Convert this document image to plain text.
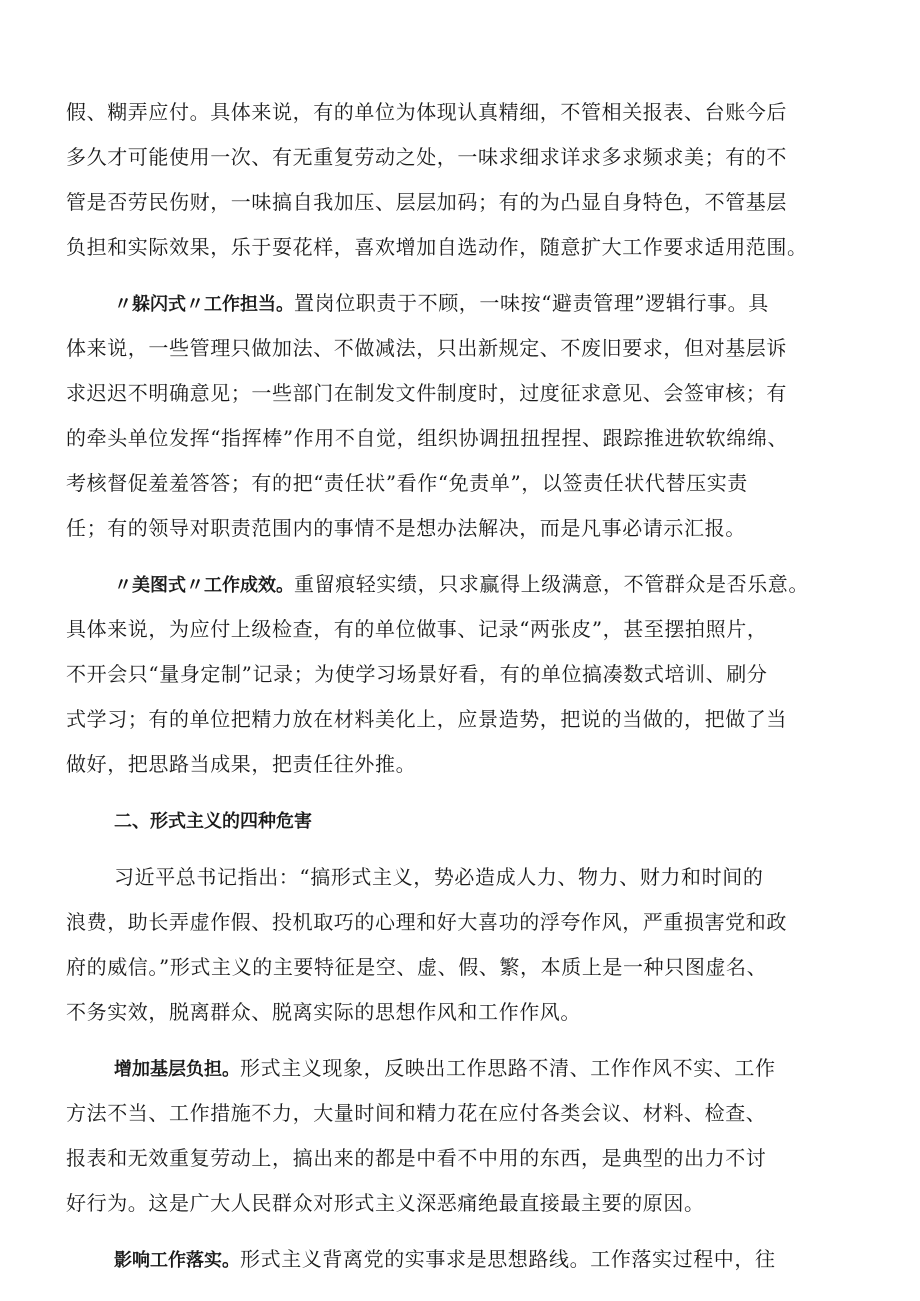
假、糊弄应付。具体来说，有的单位为体现认真精细，不管相关报表、台账今后
多久才可能使用一次、有无重复劳动之处，一味求细求详求多求频求美；有的不
管是否劳民伤财，一味搞自我加压、层层加码；有的为凸显自身特色，不管基层
负担和实际效果，乐于耍花样，喜欢增加自选动作，随意扩大工作要求适用范围。
〃躲闪式〃工作担当。置岗位职责于不顾，一味按“避责管理”逻辑行事。具
体来说，一些管理只做加法、不做减法，只出新规定、不废旧要求，但对基层诉
求迟迟不明确意见；一些部门在制发文件制度时，过度征求意见、会签审核；有
的牵头单位发挥“指挥棒”作用不自觉，组织协调扭扭捏捏、跟踪推进软软绵绵、
考核督促羞羞答答；有的把“责任状”看作“免责单”，以签责任状代替压实责
任；有的领导对职责范围内的事情不是想办法解决，而是凡事必请示汇报。
〃美图式〃工作成效。重留痕轻实绩，只求赢得上级满意，不管群众是否乐意。
具体来说，为应付上级检查，有的单位做事、记录“两张皮”，甚至摆拍照片，
不开会只“量身定制”记录；为使学习场景好看，有的单位搞凑数式培训、刷分
式学习；有的单位把精力放在材料美化上，应景造势，把说的当做的，把做了当
做好，把思路当成果，把责任往外推。
二、形式主义的四种危害
习近平总书记指出：“搞形式主义，势必造成人力、物力、财力和时间的
浪费，助长弄虚作假、投机取巧的心理和好大喜功的浮夸作风，严重损害党和政
府的威信。”形式主义的主要特征是空、虚、假、繁，本质上是一种只图虚名、
不务实效，脱离群众、脱离实际的思想作风和工作作风。
增加基层负担。形式主义现象，反映出工作思路不清、工作作风不实、工作
方法不当、工作措施不力，大量时间和精力花在应付各类会议、材料、检查、
报表和无效重复劳动上，搞出来的都是中看不中用的东西，是典型的出力不讨
好行为。这是广大人民群众对形式主义深恶痛绝最直接最主要的原因。
影响工作落实。形式主义背离党的实事求是思想路线。工作落实过程中，往
